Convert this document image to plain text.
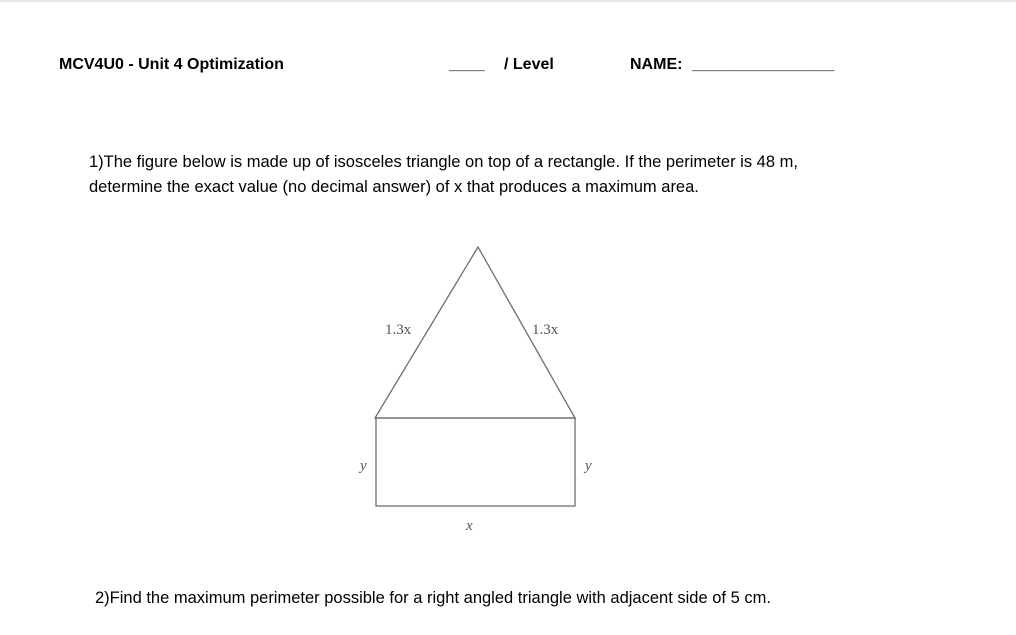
MCV4U0 - Unit 4 Optimization	____ / Level	NAME: ________________
1)The figure below is made up of isosceles triangle on top of a rectangle. If the perimeter is 48 m,
determine the exact value (no decimal answer) of x that produces a maximum area.
1.3x	1.3x
y	y
x
2)Find the maximum perimeter possible for a right angled triangle with adjacent side of 5 cm.
